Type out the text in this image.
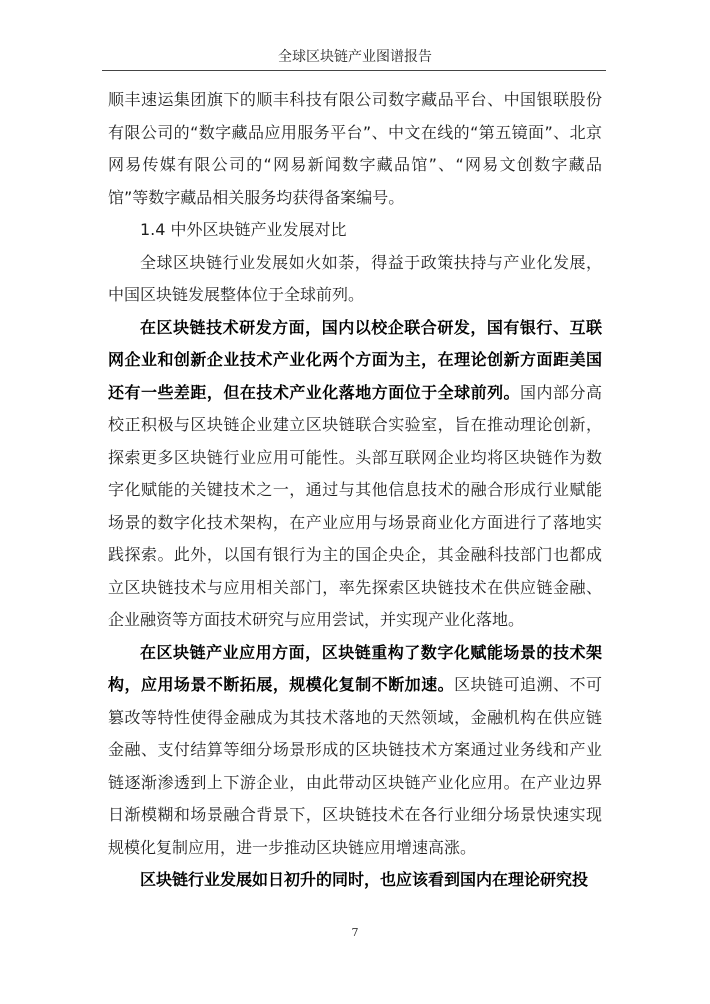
全球区块链产业图谱报告

顺丰速运集团旗下的顺丰科技有限公司数字藏品平台、中国银联股份有限公司的“数字藏品应用服务平台”、中文在线的“第五镜面”、北京网易传媒有限公司的“网易新闻数字藏品馆”、“网易文创数字藏品馆”等数字藏品相关服务均获得备案编号。

1.4 中外区块链产业发展对比

全球区块链行业发展如火如荼，得益于政策扶持与产业化发展，中国区块链发展整体位于全球前列。

在区块链技术研发方面，国内以校企联合研发，国有银行、互联网企业和创新企业技术产业化两个方面为主，在理论创新方面距美国还有一些差距，但在技术产业化落地方面位于全球前列。国内部分高校正积极与区块链企业建立区块链联合实验室，旨在推动理论创新，探索更多区块链行业应用可能性。头部互联网企业均将区块链作为数字化赋能的关键技术之一，通过与其他信息技术的融合形成行业赋能场景的数字化技术架构，在产业应用与场景商业化方面进行了落地实践探索。此外，以国有银行为主的国企央企，其金融科技部门也都成立区块链技术与应用相关部门，率先探索区块链技术在供应链金融、企业融资等方面技术研究与应用尝试，并实现产业化落地。

在区块链产业应用方面，区块链重构了数字化赋能场景的技术架构，应用场景不断拓展，规模化复制不断加速。区块链可追溯、不可篡改等特性使得金融成为其技术落地的天然领域，金融机构在供应链金融、支付结算等细分场景形成的区块链技术方案通过业务线和产业链逐渐渗透到上下游企业，由此带动区块链产业化应用。在产业边界日渐模糊和场景融合背景下，区块链技术在各行业细分场景快速实现规模化复制应用，进一步推动区块链应用增速高涨。

区块链行业发展如日初升的同时，也应该看到国内在理论研究投

7
